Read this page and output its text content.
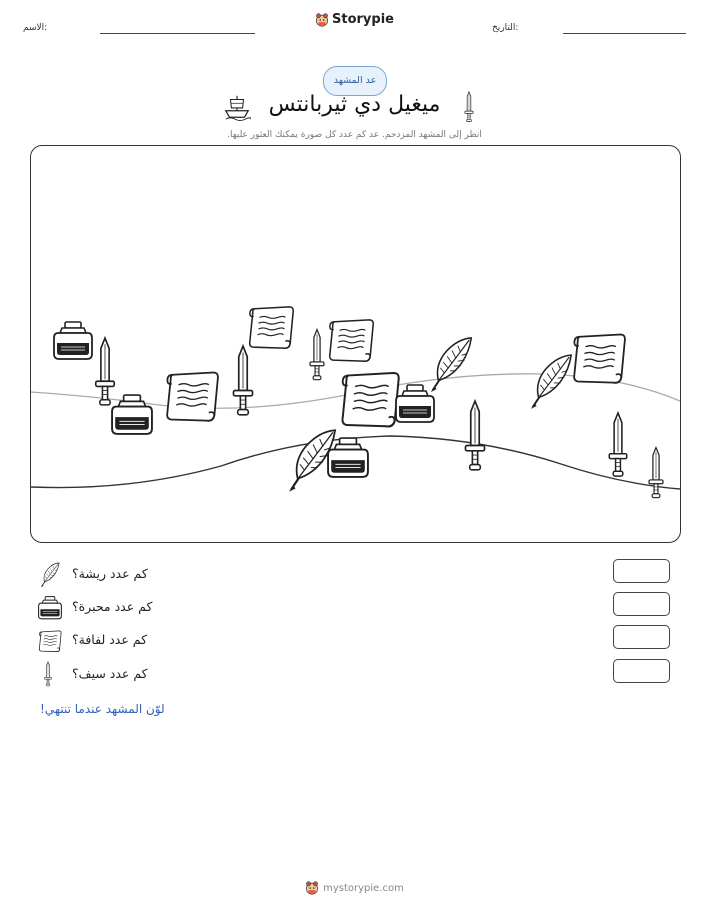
الاسم:
Storypie
التاريخ:
عد المشهد
ميغيل دي ثيربانتس
انظر إلى المشهد المزدحم. عد كم عدد كل صورة يمكنك العثور عليها.
كم عدد ريشة؟
كم عدد محبرة؟
كم عدد لفافة؟
كم عدد سيف؟
لوّن المشهد عندما تنتهي!
mystorypie.com
